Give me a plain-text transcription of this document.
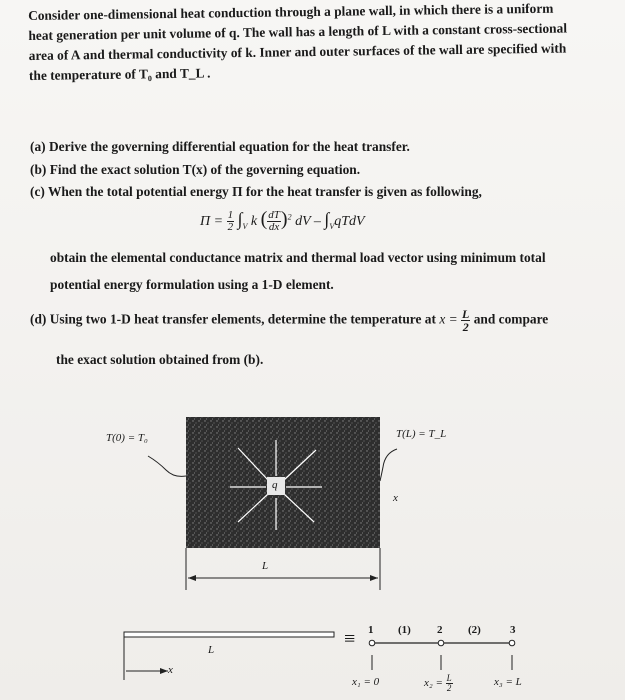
Consider one-dimensional heat conduction through a plane wall, in which there is a uniform
heat generation per unit volume of q. The wall has a length of L with a constant cross-sectional
area of A and thermal conductivity of k. Inner and outer surfaces of the wall are specified with
the temperature of T₀ and T_L .
(a) Derive the governing differential equation for the heat transfer.
(b) Find the exact solution T(x) of the governing equation.
(c) When the total potential energy Π for the heat transfer is given as following,
$\Pi = \frac{1}{2} \int_V$ k ( $\frac{dT}{dx} )^2$ dV – $\int_VqTdV$
obtain the elemental conductance matrix and thermal load vector using minimum total
potential energy formulation using a 1-D element.
(d) Using two 1-D heat transfer elements, determine the temperature at $x = \frac{L}{2}$ and compare
the exact solution obtained from (b).
T(0) = T₀	T(L) = T_L
q
x
L
L
x
≡ 1 (1) 2 (2)	3
x₁ = 0	$x_2 = \frac{L}{2}$	x₃ = L
